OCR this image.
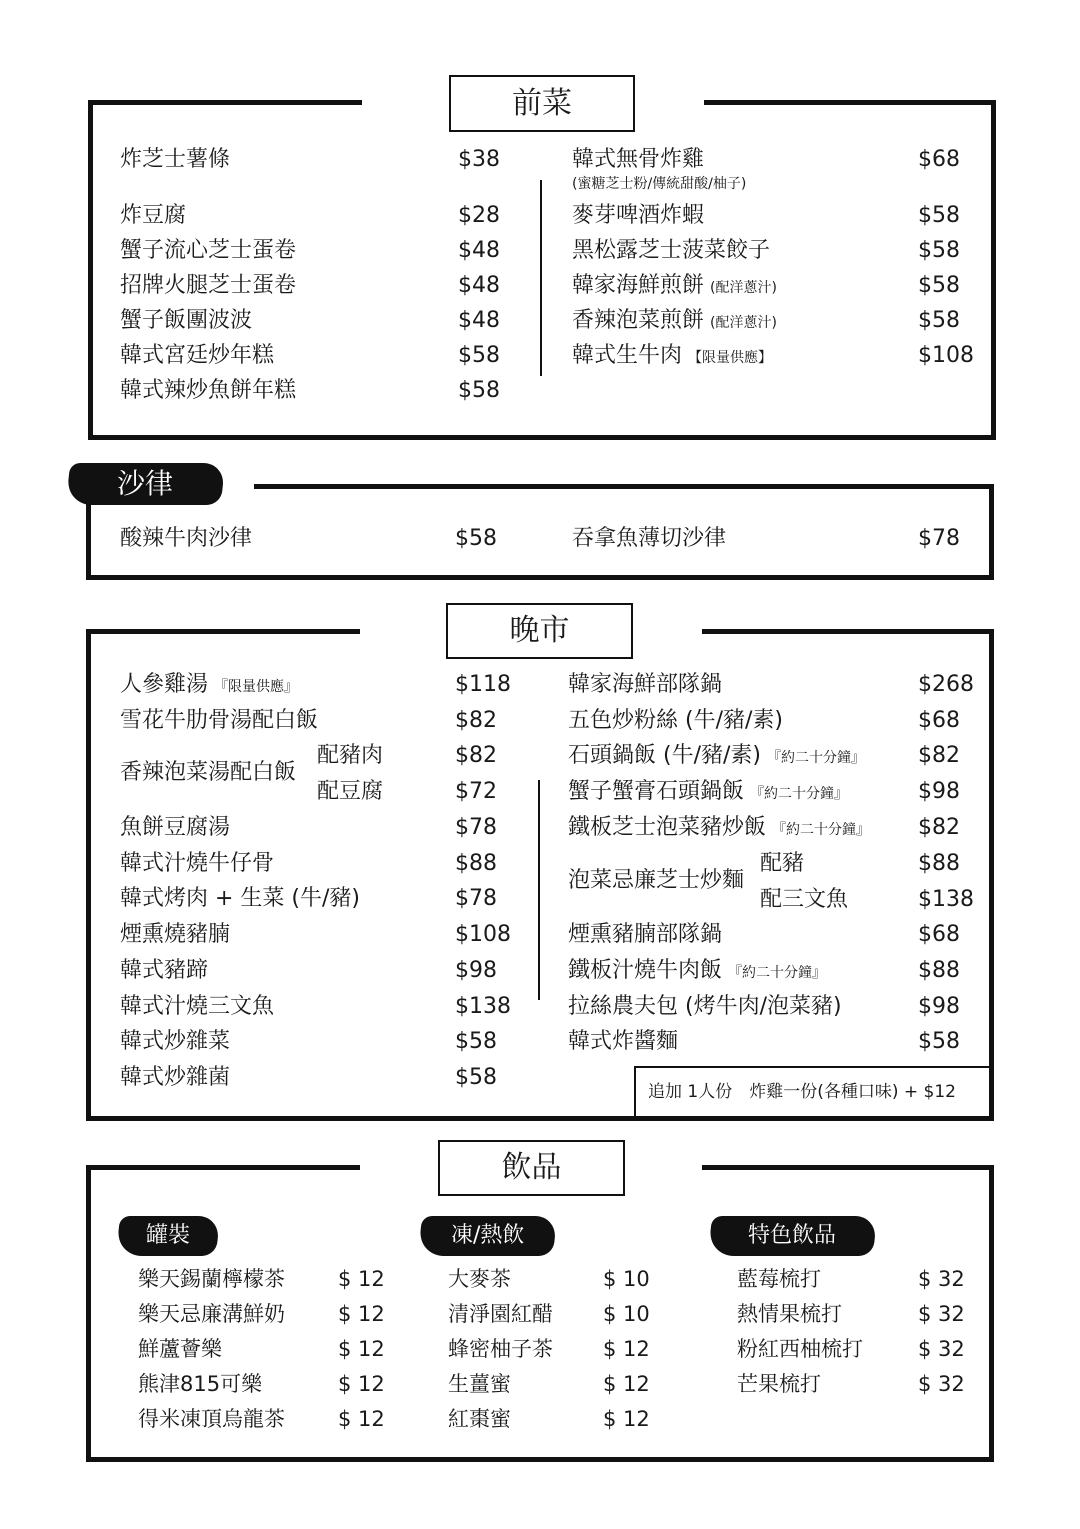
前菜
炸芝士薯條	$38
炸豆腐	$28
蟹子流心芝士蛋卷	$48
招牌火腿芝士蛋卷	$48
蟹子飯團波波	$48
韓式宮廷炒年糕	$58
韓式辣炒魚餅年糕	$58
韓式無骨炸雞	$68
(蜜糖芝士粉/傳統甜酸/柚子)
麥芽啤酒炸蝦	$58
黑松露芝士菠菜餃子	$58
韓家海鮮煎餅 (配洋蔥汁)	$58
香辣泡菜煎餅 (配洋蔥汁)	$58
韓式生牛肉 【限量供應】	$108
沙律
酸辣牛肉沙律	$58	吞拿魚薄切沙律	$78
晚市
人參雞湯 『限量供應』	$118
雪花牛肋骨湯配白飯	$82
香辣泡菜湯配白飯
配豬肉	$82
配豆腐	$72
魚餅豆腐湯	$78
韓式汁燒牛仔骨	$88
韓式烤肉 + 生菜 (牛/豬)	$78
煙熏燒豬腩	$108
韓式豬蹄	$98
韓式汁燒三文魚	$138
韓式炒雜菜	$58
韓式炒雜菌	$58
韓家海鮮部隊鍋	$268
五色炒粉絲 (牛/豬/素)	$68
石頭鍋飯 (牛/豬/素) 『約二十分鐘』 $82
蟹子蟹膏石頭鍋飯 『約二十分鐘』	$98
鐵板芝士泡菜豬炒飯 『約二十分鐘』 $82
泡菜忌廉芝士炒麵
配豬	$88
配三文魚	$138
煙熏豬腩部隊鍋	$68
鐵板汁燒牛肉飯 『約二十分鐘』	$88
拉絲農夫包 (烤牛肉/泡菜豬)	$98
韓式炸醬麵	$58
追加 1人份　炸雞一份(各種口味) + $12
飲品
罐裝
樂天錫蘭檸檬茶	$ 12
樂天忌廉溝鮮奶	$ 12
鮮蘆薈樂	$ 12
熊津815可樂	$ 12
得米凍頂烏龍茶	$ 12
凍/熱飲
大麥茶	$ 10
清淨園紅醋 $ 10
蜂密柚子茶 $ 12
生薑蜜	$ 12
紅棗蜜	$ 12
特色飲品
藍莓梳打	$ 32
熱情果梳打	$ 32
粉紅西柚梳打	$ 32
芒果梳打	$ 32
